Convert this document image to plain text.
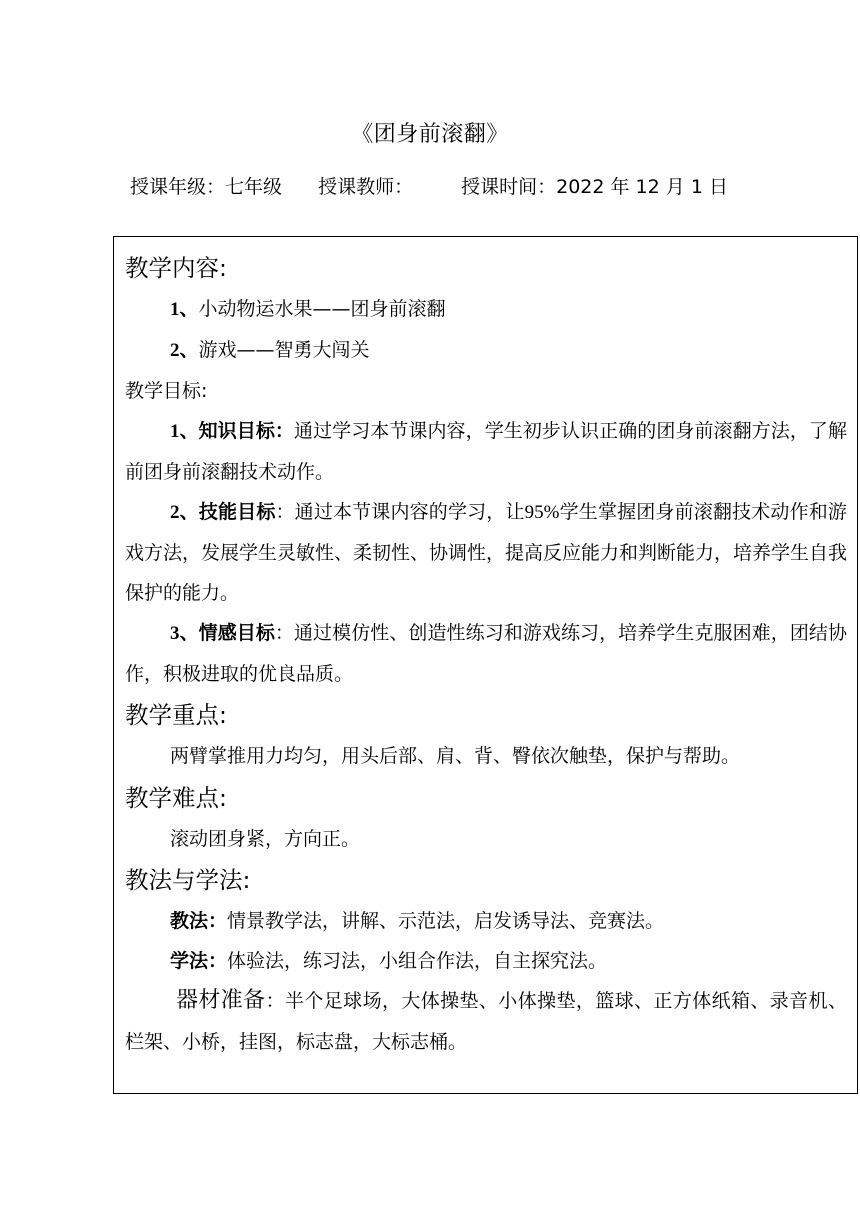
《团身前滚翻》
授课年级：七年级 授课教师：	授课时间：2022 年 12 月 1 日

教学内容:

1、小动物运水果——团身前滚翻

2、游戏——智勇大闯关

教学目标:

1、知识目标：通过学习本节课内容，学生初步认识正确的团身前滚翻方法，了解前团身前滚翻技术动作。

2、技能目标：通过本节课内容的学习，让95%学生掌握团身前滚翻技术动作和游戏方法，发展学生灵敏性、柔韧性、协调性，提高反应能力和判断能力，培养学生自我保护的能力。

3、情感目标：通过模仿性、创造性练习和游戏练习，培养学生克服困难，团结协作，积极进取的优良品质。

教学重点:

两臂掌推用力均匀，用头后部、肩、背、臀依次触垫，保护与帮助。

教学难点:

滚动团身紧，方向正。

教法与学法:

教法：情景教学法，讲解、示范法，启发诱导法、竞赛法。

学法：体验法，练习法，小组合作法，自主探究法。

器材准备：半个足球场，大体操垫、小体操垫，篮球、正方体纸箱、录音机、栏架、小桥，挂图，标志盘，大标志桶。
